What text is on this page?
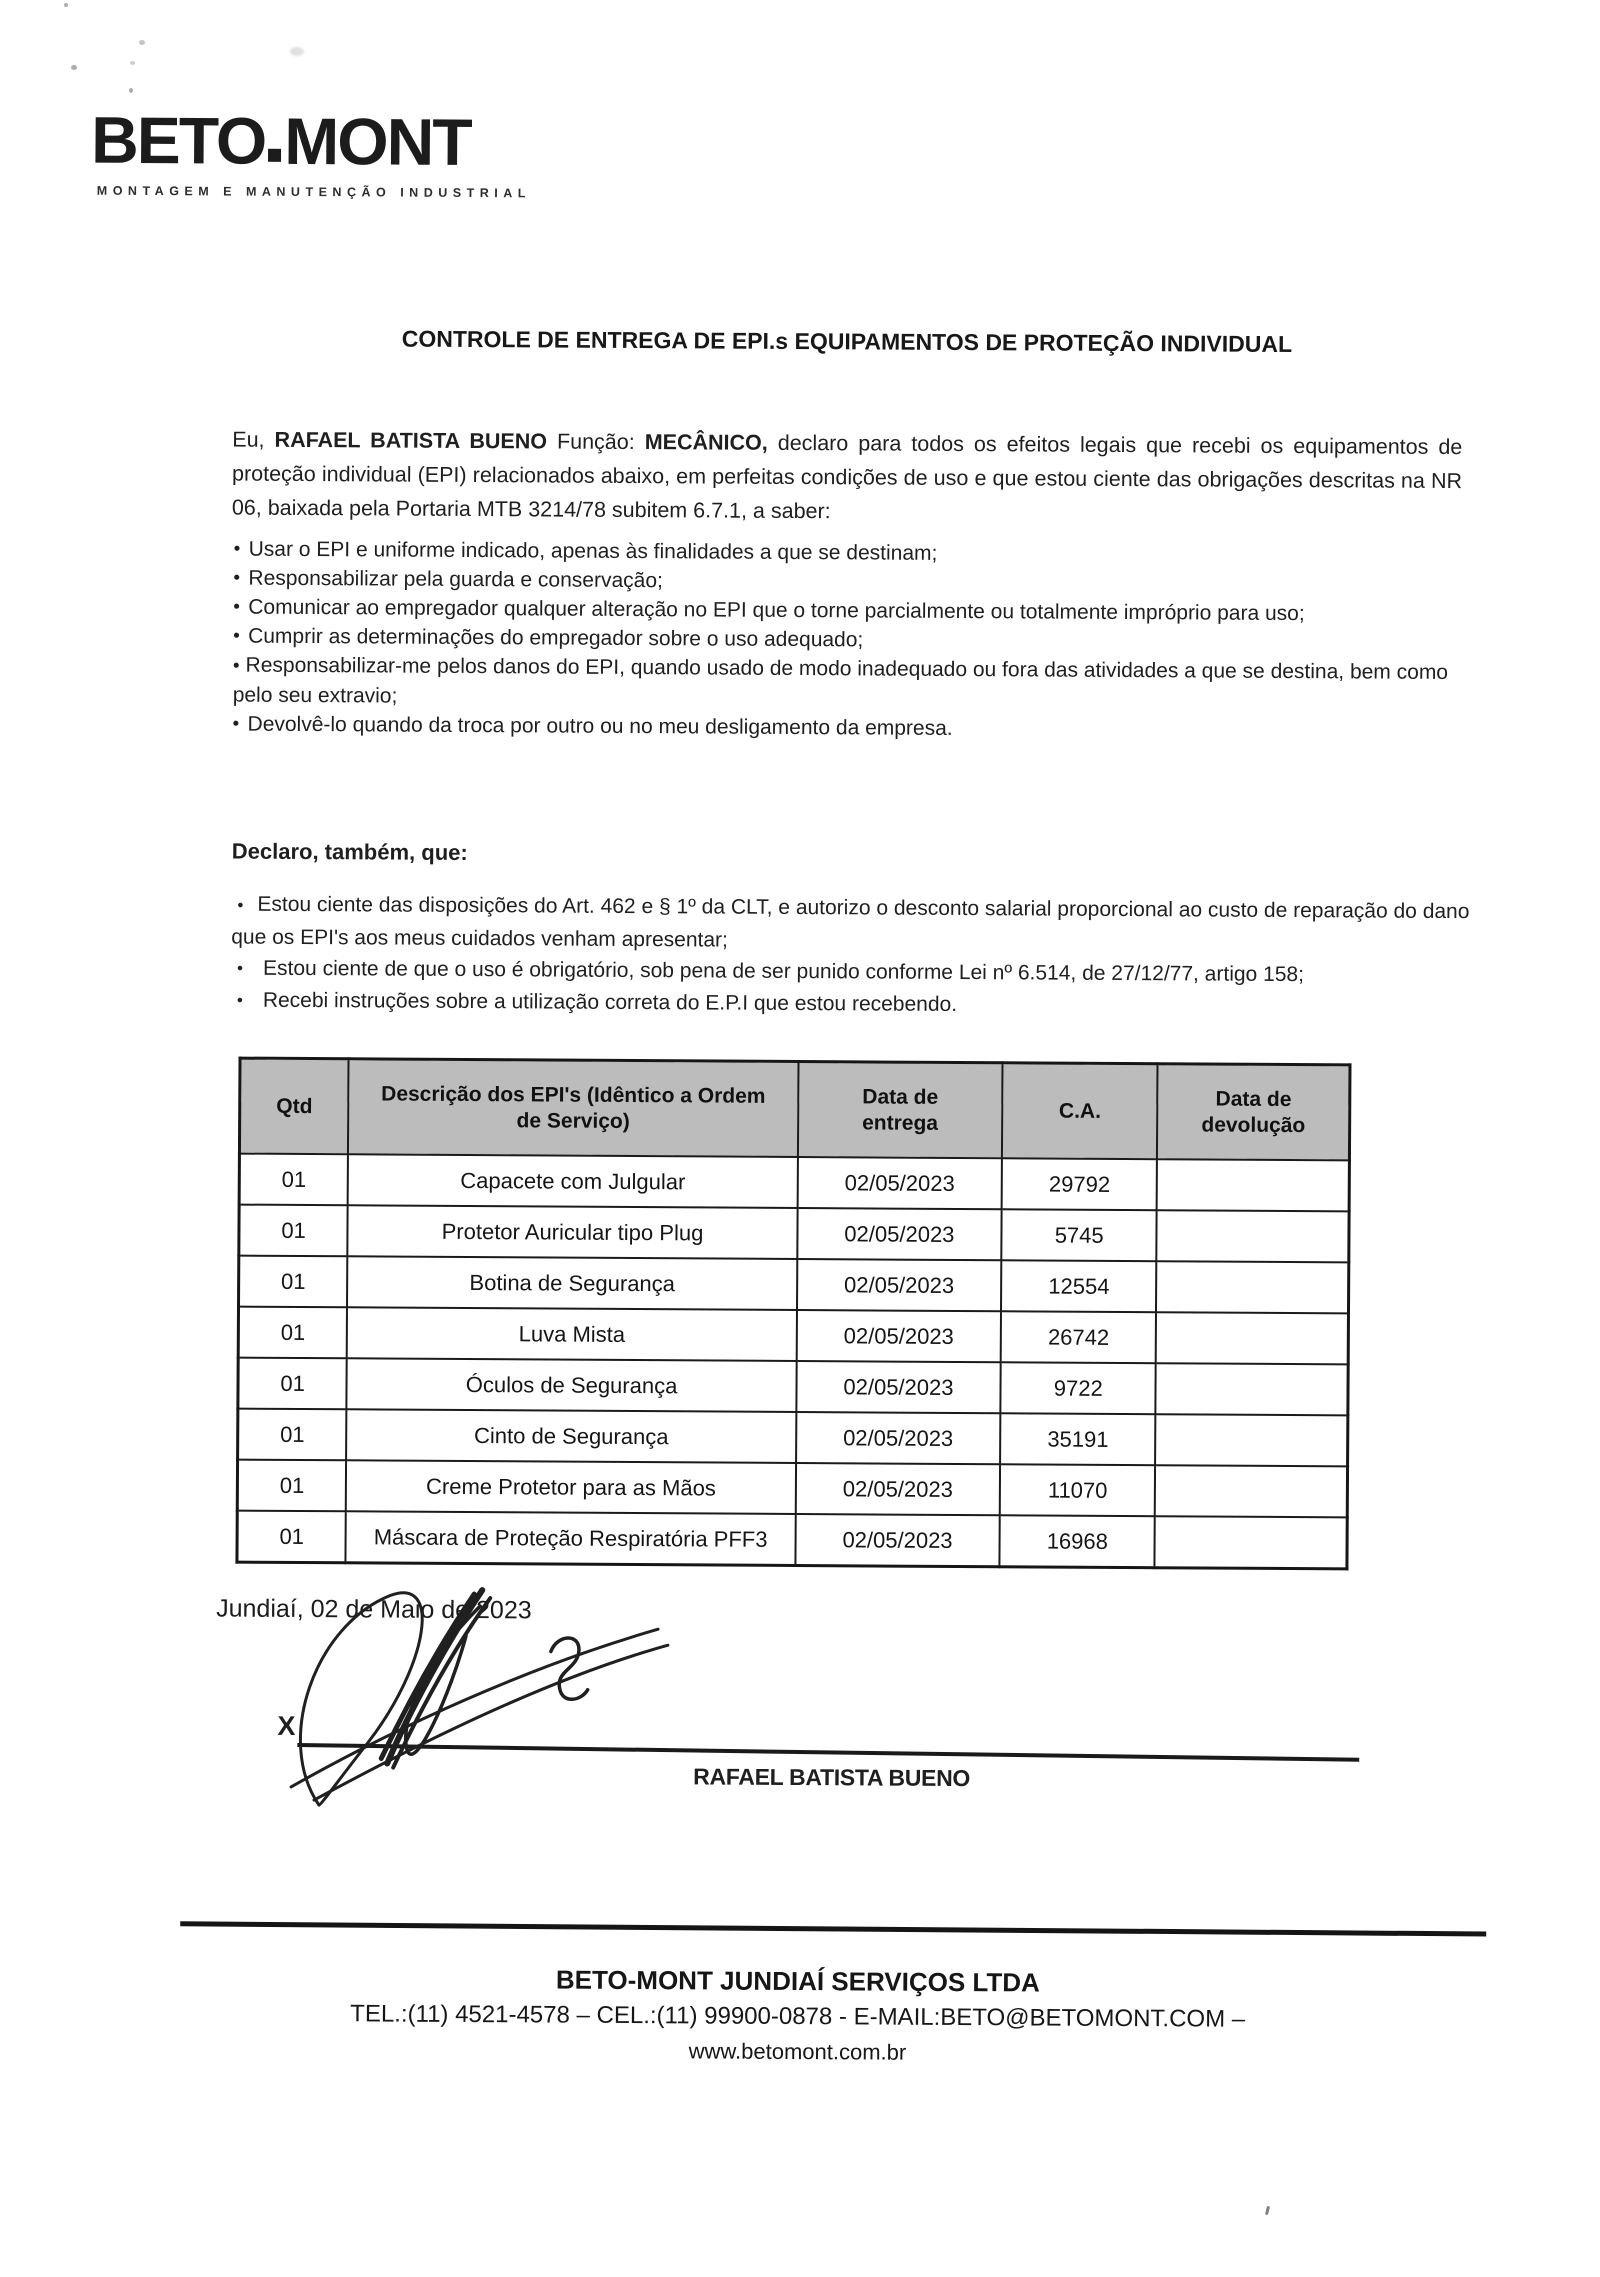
BETO MONT
MONTAGEM E MANUTENÇÃO INDUSTRIAL
CONTROLE DE ENTREGA DE EPI.s EQUIPAMENTOS DE PROTEÇÃO INDIVIDUAL

Eu, RAFAEL BATISTA BUENO Função: MECÂNICO, declaro para todos os efeitos legais que recebi os equipamentos de proteção individual (EPI) relacionados abaixo, em perfeitas condições de uso e que estou ciente das obrigações descritas na NR 06, baixada pela Portaria MTB 3214/78 subitem 6.7.1, a saber:

• Usar o EPI e uniforme indicado, apenas às finalidades a que se destinam;
• Responsabilizar pela guarda e conservação;
• Comunicar ao empregador qualquer alteração no EPI que o torne parcialmente ou totalmente impróprio para uso;
• Cumprir as determinações do empregador sobre o uso adequado;
• Responsabilizar-me pelos danos do EPI, quando usado de modo inadequado ou fora das atividades a que se destina, bem como pelo seu extravio;
• Devolvê-lo quando da troca por outro ou no meu desligamento da empresa.
Declaro, também, que:
• Estou ciente das disposições do Art. 462 e § 1º da CLT, e autorizo o desconto salarial proporcional ao custo de reparação do dano que os EPI's aos meus cuidados venham apresentar;
• Estou ciente de que o uso é obrigatório, sob pena de ser punido conforme Lei nº 6.514, de 27/12/77, artigo 158;
• Recebi instruções sobre a utilização correta do E.P.I que estou recebendo.
Qtd	Descrição dos EPI's (Idêntico a Ordem de Serviço)	Data de entrega	C.A.	Data de devolução
01	Capacete com Julgular	02/05/2023	29792	
01	Protetor Auricular tipo Plug	02/05/2023	5745	
01	Botina de Segurança	02/05/2023	12554	
01	Luva Mista	02/05/2023	26742	
01	Óculos de Segurança	02/05/2023	9722	
01	Cinto de Segurança	02/05/2023	35191	
01	Creme Protetor para as Mãos	02/05/2023	11070	
01	Máscara de Proteção Respiratória PFF3	02/05/2023	16968	
Jundiaí, 02 de Maio de 2023
X
RAFAEL BATISTA BUENO
BETO-MONT JUNDIAÍ SERVIÇOS LTDA
TEL.:(11) 4521-4578 – CEL.:(11) 99900-0878 - E-MAIL:BETO@BETOMONT.COM –
www.betomont.com.br
